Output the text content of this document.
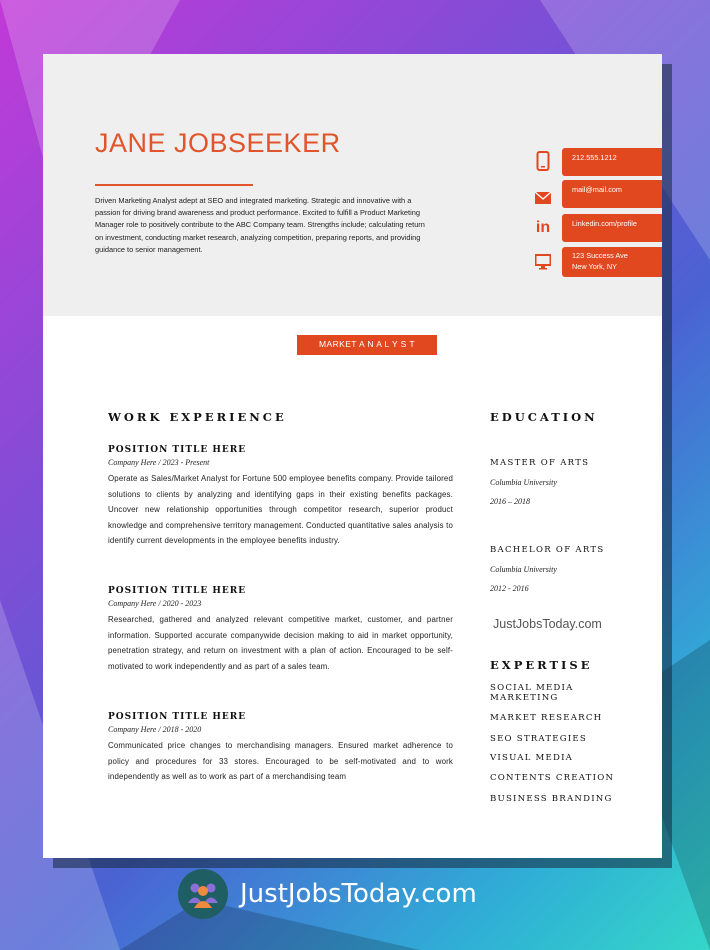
JANE JOBSEEKER
Driven Marketing Analyst adept at SEO and integrated marketing. Strategic and innovative with a passion for driving brand awareness and product performance. Excited to fulfill a Product Marketing Manager role to positively contribute to the ABC Company team. Strengths include; calculating return on investment, conducting market research, analyzing competition, preparing reports, and providing guidance to senior management.
in
212.555.1212
mail@mail.com
Linkedin.com/profile
123 Success Ave
New York, NY
MARKET A N A L Y S T
WORK EXPERIENCE

POSITION TITLE HERE

Company Here / 2023 - Present
Operate as Sales/Market Analyst for Fortune 500 employee benefits company. Provide tailored solutions to clients by analyzing and identifying gaps in their existing benefits packages. Uncover new relationship opportunities through competitor research, superior product knowledge and comprehensive territory management. Conducted quantitative sales analysis to identify current developments in the employee benefits industry.

POSITION TITLE HERE

Company Here / 2020 - 2023
Researched, gathered and analyzed relevant competitive market, customer, and partner information. Supported accurate companywide decision making to aid in market opportunity, penetration strategy, and return on investment with a plan of action. Encouraged to be self-motivated to work independently and as part of a sales team.

POSITION TITLE HERE

Company Here / 2018 - 2020
Communicated price changes to merchandising managers. Ensured market adherence to policy and procedures for 33 stores. Encouraged to be self-motivated and to work independently as well as to work as part of a merchandising team
EDUCATION
MASTER OF ARTS
Columbia University
2016 – 2018
BACHELOR OF ARTS
Columbia University
2012 - 2016
JustJobsToday.com
EXPERTISE
SOCIAL MEDIA MARKETING
MARKET RESEARCH
SEO STRATEGIES
VISUAL MEDIA
CONTENTS CREATION
BUSINESS BRANDING
JustJobsToday.com
